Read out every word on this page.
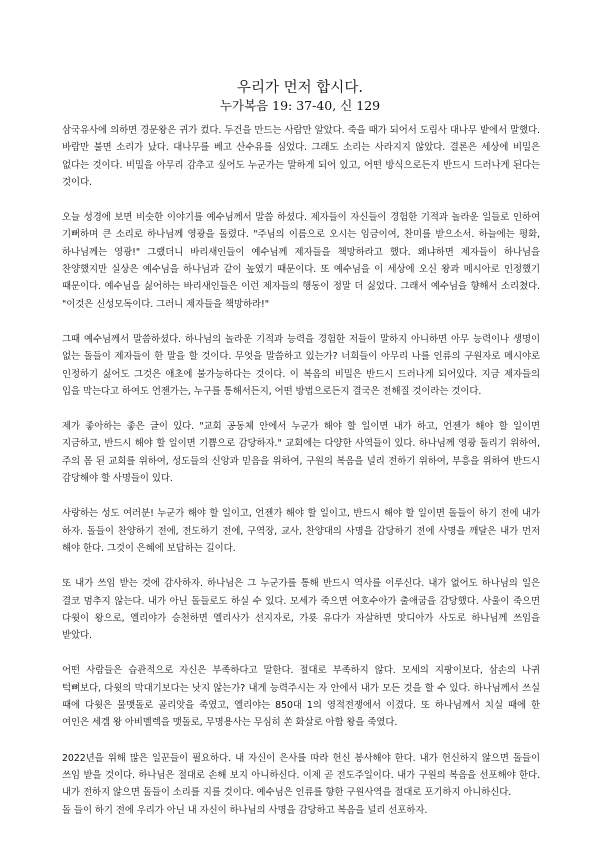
우리가 먼저 합시다.
누가복음 19: 37-40, 신 129

삼국유사에 의하면 경문왕은 귀가 컸다. 두건을 만드는 사람만 알았다. 죽을 때가 되어서 도림사 대나무 밭에서 말했다. 바람만 불면 소리가 났다. 대나무를 베고 산수유를 심었다. 그래도 소리는 사라지지 않았다. 결론은 세상에 비밀은 없다는 것이다. 비밀을 아무리 감추고 싶어도 누군가는 말하게 되어 있고, 어떤 방식으로든지 반드시 드러나게 된다는 것이다.

오늘 성경에 보면 비슷한 이야기를 예수님께서 말씀 하셨다. 제자들이 자신들이 경험한 기적과 놀라운 일들로 인하여 기뻐하며 큰 소리로 하나님께 영광을 돌렸다. "주님의 이름으로 오시는 임금이여, 찬미를 받으소서. 하늘에는 평화, 하나님께는 영광!" 그랬더니 바리새인들이 예수님께 제자들을 책망하라고 했다. 왜냐하면 제자들이 하나님을 찬양했지만 실상은 예수님을 하나님과 같이 높였기 때문이다. 또 예수님을 이 세상에 오신 왕과 메시아로 인정했기 때문이다. 예수님을 싫어하는 바리새인들은 이런 제자들의 행동이 정말 더 싫었다. 그래서 예수님을 향해서 소리쳤다. "이것은 신성모독이다. 그러니 제자들을 책망하라!"

그때 예수님께서 말씀하셨다. 하나님의 놀라운 기적과 능력을 경험한 저들이 말하지 아니하면 아무 능력이나 생명이 없는 돌들이 제자들이 한 말을 할 것이다. 무엇을 말씀하고 있는가? 너희들이 아무리 나를 인류의 구원자로 메시야로 인정하기 싫어도 그것은 애초에 불가능하다는 것이다. 이 복음의 비밀은 반드시 드러나게 되어있다. 지금 제자들의 입을 막는다고 하여도 언젠가는, 누구를 통해서든지, 어떤 방법으로든지 결국은 전해질 것이라는 것이다.

제가 좋아하는 좋은 글이 있다. "교회 공동체 안에서 누군가 해야 할 일이면 내가 하고, 언젠가 해야 할 일이면 지금하고, 반드시 해야 할 일이면 기쁨으로 감당하자." 교회에는 다양한 사역들이 있다. 하나님께 영광 돌리기 위하여, 주의 몸 된 교회를 위하여, 성도들의 신앙과 믿음을 위하여, 구원의 복음을 널리 전하기 위하여, 부흥을 위하여 반드시 감당해야 할 사명들이 있다.

사랑하는 성도 여러분! 누군가 해야 할 일이고, 언젠가 해야 할 일이고, 반드시 해야 할 일이면 돌들이 하기 전에 내가 하자. 돌들이 찬양하기 전에, 전도하기 전에, 구역장, 교사, 찬양대의 사명을 감당하기 전에 사명을 깨달은 내가 먼저 해야 한다. 그것이 은혜에 보답하는 길이다.

또 내가 쓰임 받는 것에 감사하자. 하나님은 그 누군가를 통해 반드시 역사를 이루신다. 내가 없어도 하나님의 일은 결코 멈추지 않는다. 내가 아닌 돌들로도 하실 수 있다. 모세가 죽으면 여호수아가 출애굽을 감당했다. 사울이 죽으면 다윗이 왕으로, 엘리야가 승천하면 엘리사가 선지자로, 가룟 유다가 자살하면 맛디아가 사도로 하나님께 쓰임을 받았다.

어떤 사람들은 습관적으로 자신은 부족하다고 말한다. 절대로 부족하지 않다. 모세의 지팡이보다, 삼손의 나귀 턱뼈보다, 다윗의 막대기보다는 낫지 않는가? 내게 능력주시는 자 안에서 내가 모든 것을 할 수 있다. 하나님께서 쓰실 때에 다윗은 물맷돌로 골리앗을 죽였고, 엘리야는 850대 1의 영적전쟁에서 이겼다. 또 하나님께서 치실 때에 한 여인은 세겜 왕 아비멜렉을 맷돌로, 무명용사는 무심히 쏜 화살로 아합 왕을 죽였다.

2022년을 위해 많은 일꾼들이 필요하다. 내 자신이 은사를 따라 헌신 봉사해야 한다. 내가 헌신하지 않으면 돌들이 쓰임 받을 것이다. 하나님은 절대로 손해 보지 아니하신다. 이제 곧 전도주일이다. 내가 구원의 복음을 선포해야 한다. 내가 전하지 않으면 돌들이 소리를 지를 것이다. 예수님은 인류를 향한 구원사역을 절대로 포기하지 아니하신다.

돌 들이 하기 전에 우리가 아닌 내 자신이 하나님의 사명을 감당하고 복음을 널리 선포하자.
